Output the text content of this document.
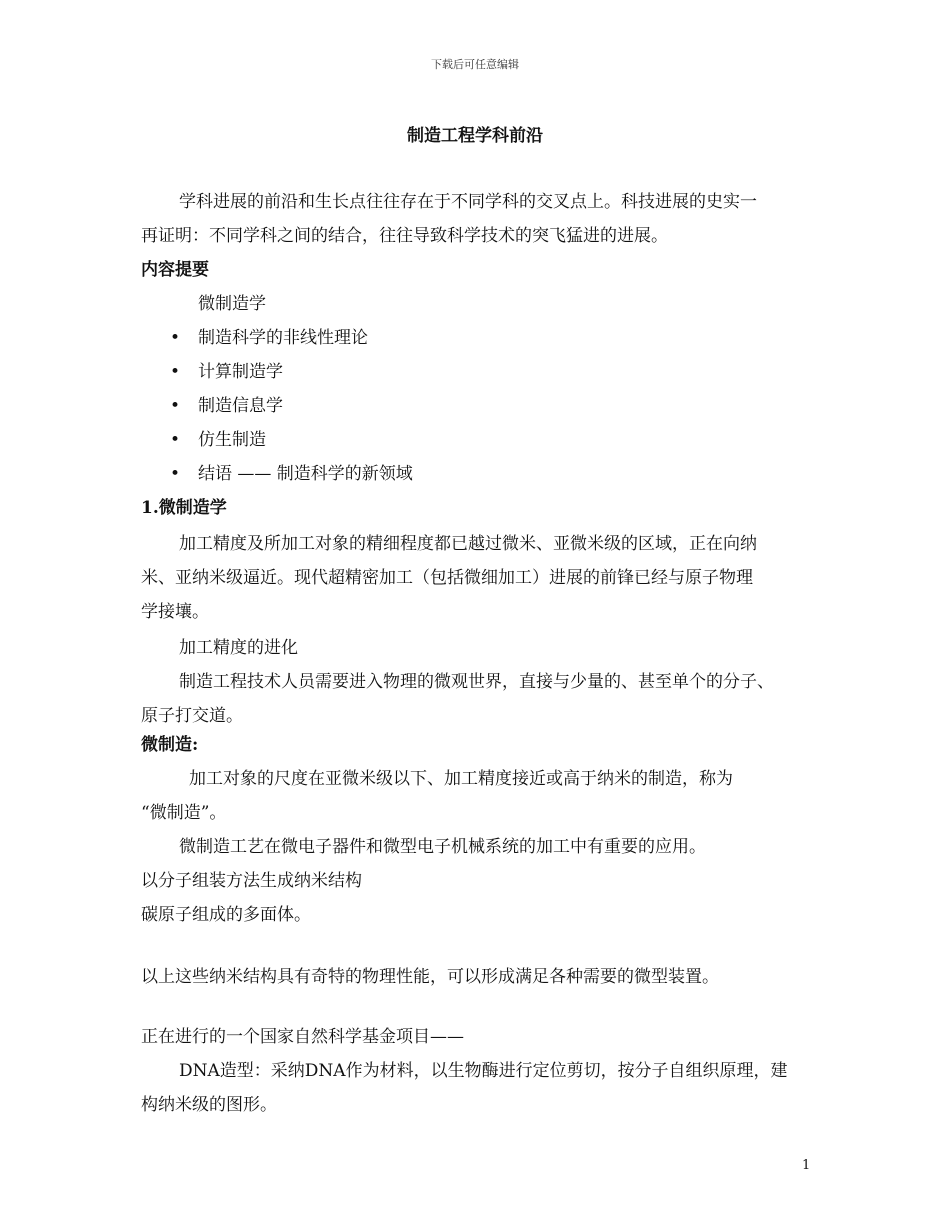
下载后可任意编辑
制造工程学科前沿
学科进展的前沿和生长点往往存在于不同学科的交叉点上。科技进展的史实一
再证明：不同学科之间的结合，往往导致科学技术的突飞猛进的进展。
内容提要
微制造学
• 制造科学的非线性理论
• 计算制造学
• 制造信息学
• 仿生制造
• 结语 —— 制造科学的新领域
1.微制造学
加工精度及所加工对象的精细程度都已越过微米、亚微米级的区域，正在向纳
米、亚纳米级逼近。现代超精密加工（包括微细加工）进展的前锋已经与原子物理
学接壤。
加工精度的进化
制造工程技术人员需要进入物理的微观世界，直接与少量的、甚至单个的分子、
原子打交道。
微制造:
加工对象的尺度在亚微米级以下、加工精度接近或高于纳米的制造，称为
“微制造”。
微制造工艺在微电子器件和微型电子机械系统的加工中有重要的应用。
以分子组装方法生成纳米结构
碳原子组成的多面体。
以上这些纳米结构具有奇特的物理性能，可以形成满足各种需要的微型装置。
正在进行的一个国家自然科学基金项目——
DNA造型：采纳DNA作为材料，以生物酶进行定位剪切，按分子自组织原理，建
构纳米级的图形。
1
